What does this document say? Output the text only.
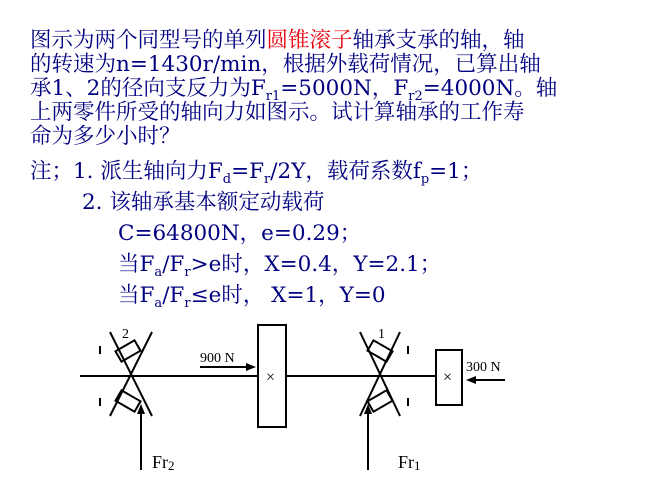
图示为两个同型号的单列圆锥滚子轴承支承的轴，轴
的转速为n=1430r/min，根据外载荷情况，已算出轴
承1、2的径向支反力为$F_{r1}=5000N$，$F_{r2}=4000N$。轴
上两零件所受的轴向力如图示。试计算轴承的工作寿
命为多少小时？
注；1. 派生轴向力$F_d=F_r/2Y$，载荷系数$f_p=1$；
2. 该轴承基本额定动载荷
C=64800N，e=0.29；
当$F_a/F_r>e$时，X=0.4，Y=2.1；
当$F_a/F_r\le e$时， X=1，Y=0
2	1
900 N
300 N
×	×
Fr2	Fr1
